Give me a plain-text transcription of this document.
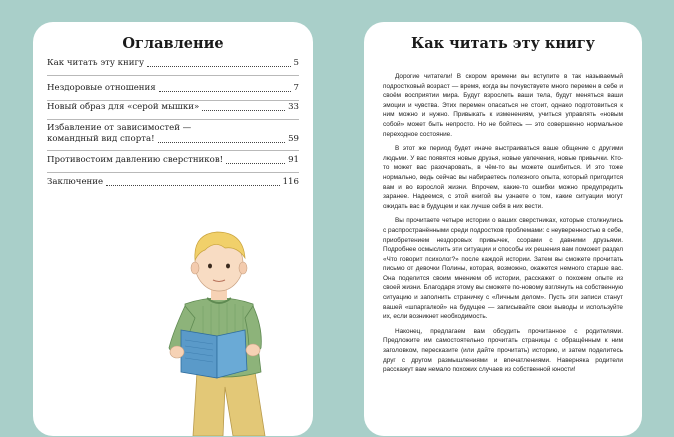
Оглавление
Как читать эту книгу	5
Нездоровые отношения	7
Новый образ для «серой мышки»	33
Избавление от зависимостей —
командный вид спорта!	59
Противостоим давлению сверстников!	91
Заключение	116
Как читать эту книгу

Дорогие читатели! В скором времени вы вступите в так называемый подростковый возраст — время, когда вы почувствуете много перемен в себе и своём восприятии мира. Будут взрослеть ваши тела, будут меняться ваши эмоции и чувства. Этих перемен опасаться не стоит, однако подготовиться к ним можно и нужно. Привыкать к изменениям, учиться управлять «новым собой» может быть непросто. Но не бойтесь — это совершенно нормальное переходное состояние.

В этот же период будет иначе выстраиваться ваше общение с другими людьми. У вас появятся новые друзья, новые увлечения, новые привычки. Кто-то может вас разочаровать, в чём-то вы можете ошибиться. И это тоже нормально, ведь сейчас вы набираетесь полезного опыта, который пригодится вам и во взрослой жизни. Впрочем, какие-то ошибки можно предупредить заранее. Надеемся, с этой книгой вы узнаете о том, какие ситуации могут ожидать вас в будущем и как лучше себя в них вести.

Вы прочитаете четыре истории о ваших сверстниках, которые столкнулись с распространёнными среди подростков проблемами: с неуверенностью в себе, приобретением нездоровых привычек, ссорами с давними друзьями. Подробнее осмыслить эти ситуации и способы их решения вам поможет раздел «Что говорит психолог?» после каждой истории. Затем вы сможете прочитать письмо от девочки Полины, которая, возможно, окажется немного старше вас. Она поделится своим мнением об истории, расскажет о похожем опыте из своей жизни. Благодаря этому вы сможете по-новому взглянуть на собственную ситуацию и заполнить страничку с «Личным делом». Пусть эти записи станут вашей «шпаргалкой» на будущее — записывайте свои выводы и используйте их, если возникнет необходимость.

Наконец, предлагаем вам обсудить прочитанное с родителями. Предложите им самостоятельно прочитать страницы с обращённым к ним заголовком, пересказите (или дайте прочитать) историю, и затем поделитесь друг с другом размышлениями и впечатлениями. Наверняка родители расскажут вам немало похожих случаев из собственной юности!
